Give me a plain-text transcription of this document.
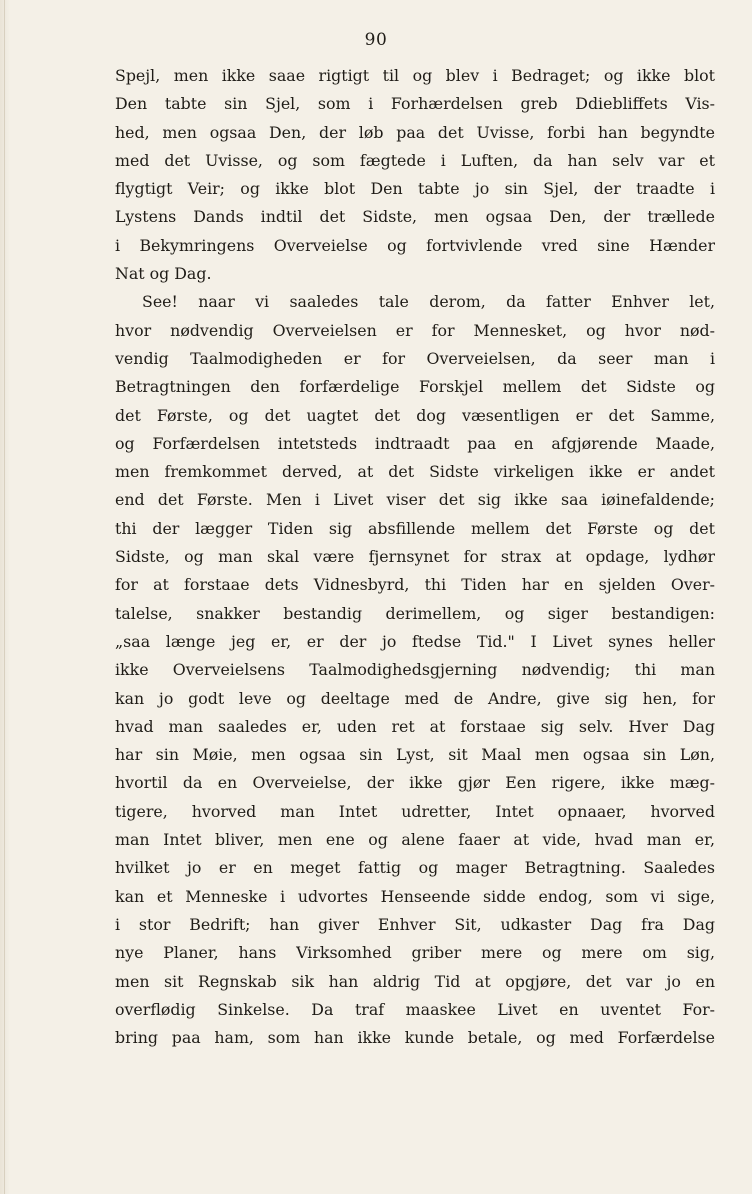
90
Spejl, men ikke saae rigtigt til og blev i Bedraget; og ikke blot
Den tabte sin Sjel, som i Forhærdelsen greb Ddiebliffets Vis-
hed, men ogsaa Den, der løb paa det Uvisse, forbi han begyndte
med det Uvisse, og som fægtede i Luften, da han selv var et
flygtigt Veir; og ikke blot Den tabte jo sin Sjel, der traadte i
Lystens Dands indtil det Sidste, men ogsaa Den, der trællede
i Bekymringens Overveielse og fortvivlende vred sine Hænder
Nat og Dag.
See! naar vi saaledes tale derom, da fatter Enhver let,
hvor nødvendig Overveielsen er for Mennesket, og hvor nød-
vendig Taalmodigheden er for Overveielsen, da seer man i
Betragtningen den forfærdelige Forskjel mellem det Sidste og
det Første, og det uagtet det dog væsentligen er det Samme,
og Forfærdelsen intetsteds indtraadt paa en afgjørende Maade,
men fremkommet derved, at det Sidste virkeligen ikke er andet
end det Første. Men i Livet viser det sig ikke saa iøinefaldende;
thi der lægger Tiden sig absfillende mellem det Første og det
Sidste, og man skal være fjernsynet for strax at opdage, lydhør
for at forstaae dets Vidnesbyrd, thi Tiden har en sjelden Over-
talelse, snakker bestandig derimellem, og siger bestandigen:
„saa længe jeg er, er der jo ftedse Tid." I Livet synes heller
ikke Overveielsens Taalmodighedsgjerning nødvendig; thi man
kan jo godt leve og deeltage med de Andre, give sig hen, for
hvad man saaledes er, uden ret at forstaae sig selv. Hver Dag
har sin Møie, men ogsaa sin Lyst, sit Maal men ogsaa sin Løn,
hvortil da en Overveielse, der ikke gjør Een rigere, ikke mæg-
tigere, hvorved man Intet udretter, Intet opnaaer, hvorved
man Intet bliver, men ene og alene faaer at vide, hvad man er,
hvilket jo er en meget fattig og mager Betragtning. Saaledes
kan et Menneske i udvortes Henseende sidde endog, som vi sige,
i stor Bedrift; han giver Enhver Sit, udkaster Dag fra Dag
nye Planer, hans Virksomhed griber mere og mere om sig,
men sit Regnskab sik han aldrig Tid at opgjøre, det var jo en
overflødig Sinkelse. Da traf maaskee Livet en uventet For-
bring paa ham, som han ikke kunde betale, og med Forfærdelse
